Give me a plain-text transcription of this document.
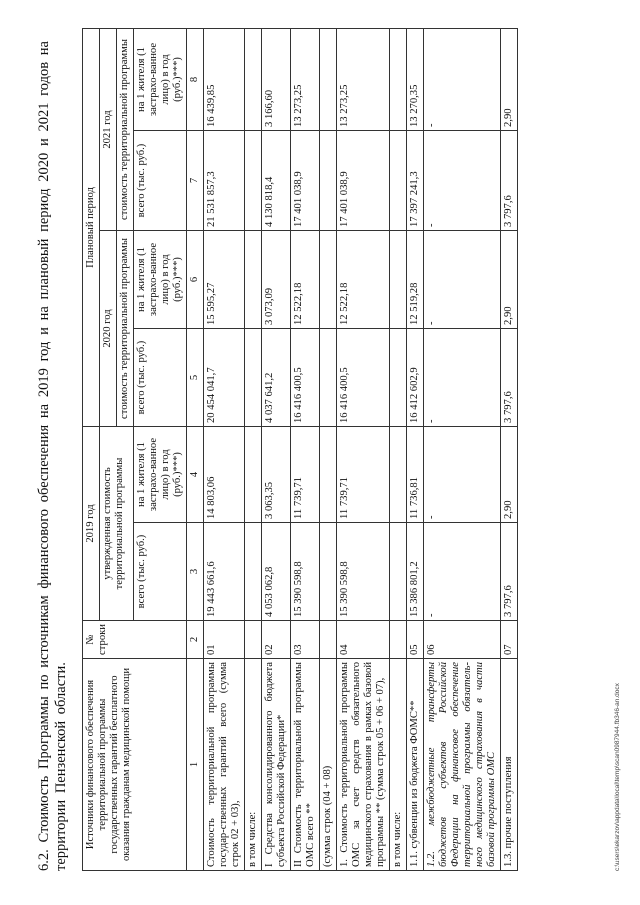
6.2. Стоимость Программы по источникам финансового обеспечения на 2019 год и на плановый период 2020 и 2021 годов на территории Пензенской области. Источники финансового обеспечения территориальной программы государственных гарантий бесплатного оказания гражданам медицинской помощи	№ строки	2019 год		Плановый период			
		утвержденная стоимость территориальной программы		2020 год		2021 год	
				стоимость территориальной программы		стоимость территориальной программы	
		всего (тыс. руб.)	на 1 жителя (1 застрахо-ванное лицо) в год (руб.)***)	всего (тыс. руб.)	на 1 жителя (1 застрахо-ванное лицо) в год (руб.)***)	всего (тыс. руб.)	на 1 жителя (1 застрахо-ванное лицо) в год (руб.)***)
1	2	3	4	5	6	7	8
Стоимость территориальной программы государ-ственных гарантий всего (сумма строк 02 + 03),	01	19 443 661,6	14 803,06	20 454 041,7	15 595,27	21 531 857,3	16 439,85
в том числе:							
I Средства консолидированного бюджета субъекта Российской Федерации*	02	4 053 062,8	3 063,35	4 037 641,2	3 073,09	4 130 818,4	3 166,60
II Стоимость территориальной программы ОМС всего **	03	15 390 598,8	11 739,71	16 416 400,5	12 522,18	17 401 038,9	13 273,25
(сумма строк (04 + 08)							
1. Стоимость территориальной программы ОМС за счет средств обязательного медицинского страхования в рамках базовой программы ** (сумма строк 05 + 06 + 07),	04	15 390 598,8	11 739,71	16 416 400,5	12 522,18	17 401 038,9	13 273,25
в том числе:							
1.1. субвенции из бюджета ФОМС**	05	15 386 801,2	11 736,81	16 412 602,9	12 519,28	17 397 241,3	13 270,35
1.2. межбюджетные трансферты бюджетов субъектов Российской Федерации на финансовое обеспечение территориальной программы обязатель-ного медицинского страхования в части базовой программы ОМС	06	-	-	-	-	-	-
1.3. прочие поступления	07	3 797,6	2,90	3 797,6	2,90	3 797,6	2,90
c:\users\ekarzov\appdata\local\temp\scan0987944.fb346-an.docx
